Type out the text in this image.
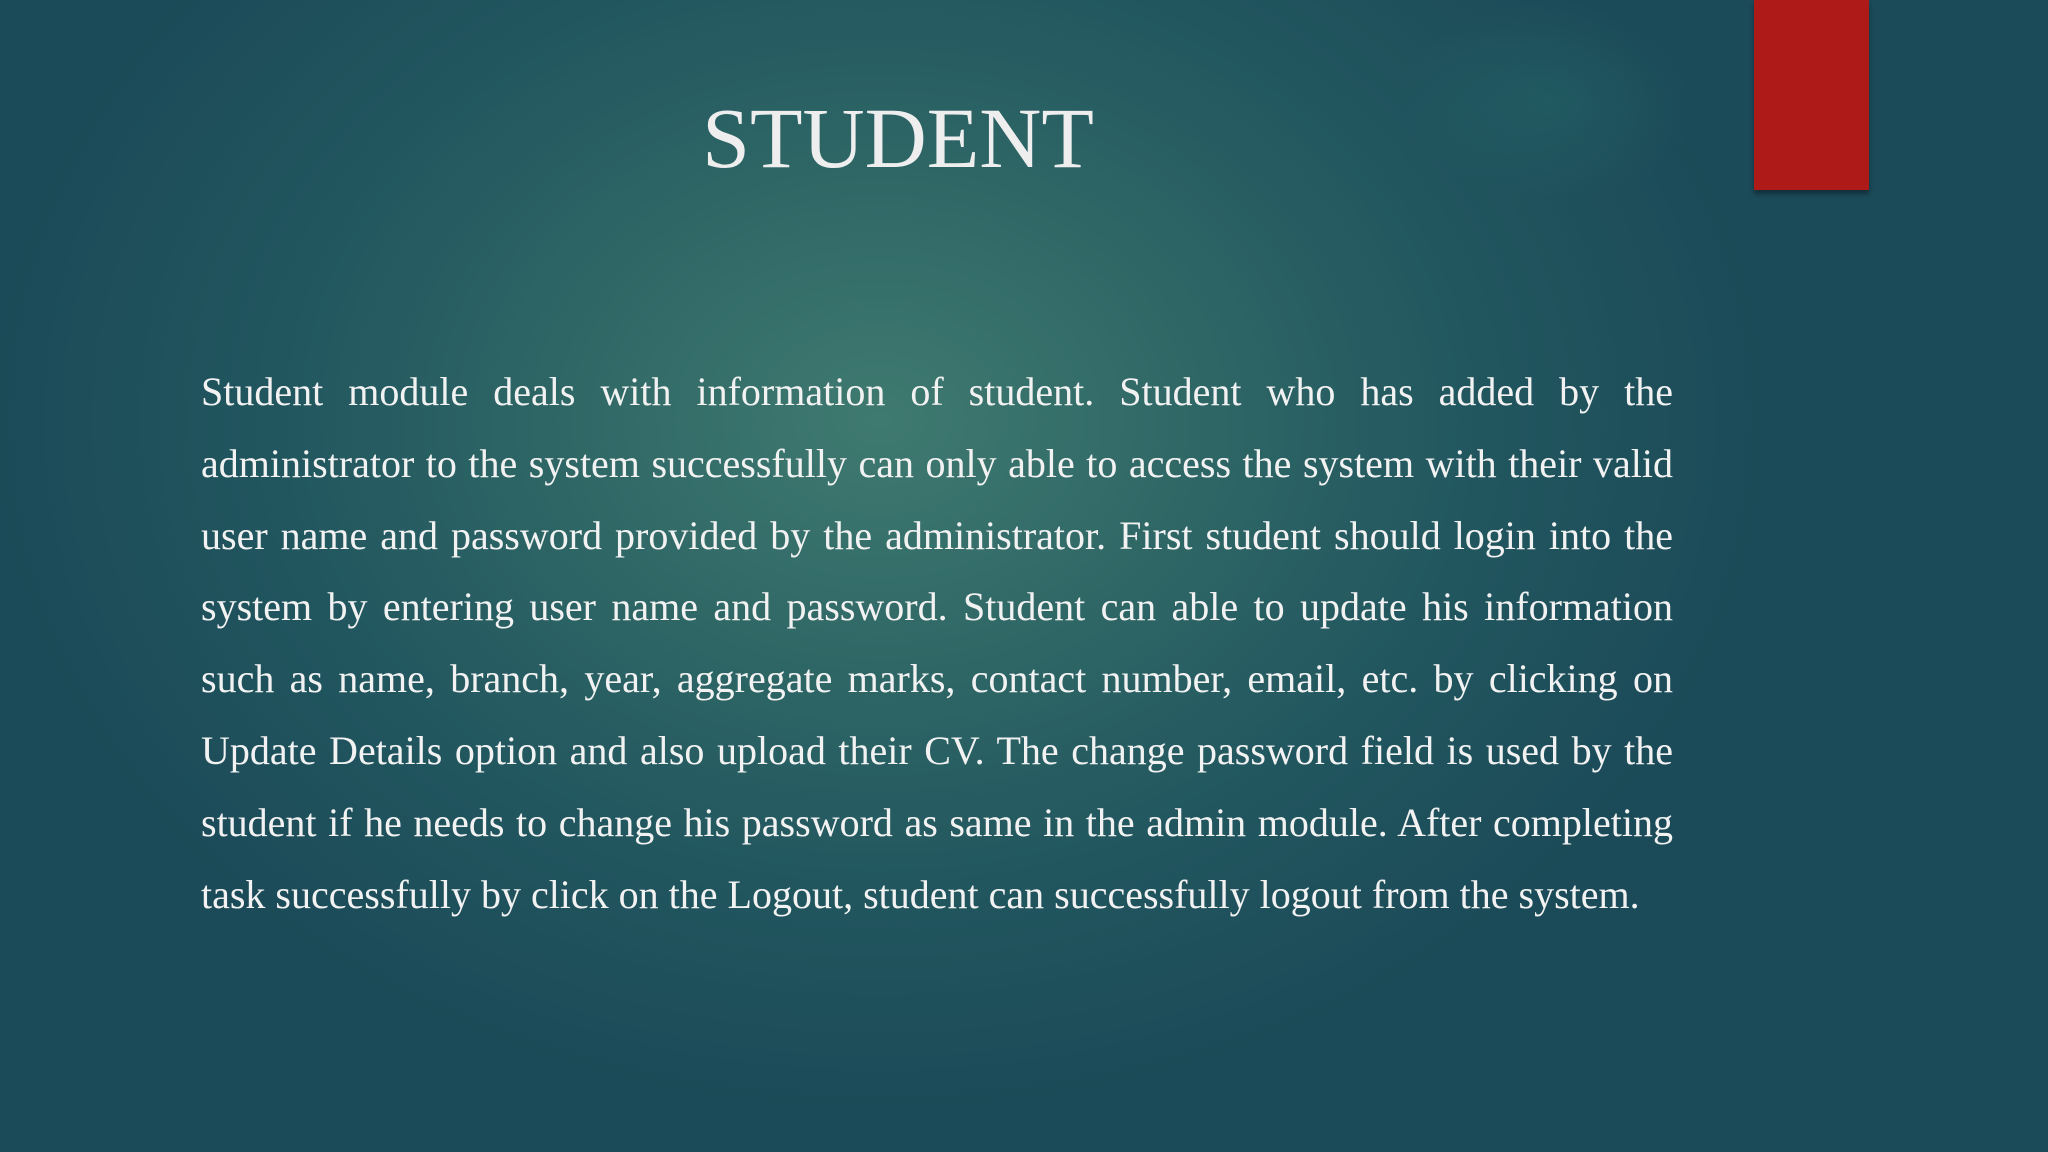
STUDENT

Student module deals with information of student. Student who has added by the administrator to the system successfully can only able to access the system with their valid user name and password provided by the administrator. First student should login into the system by entering user name and password. Student can able to update his information such as name, branch, year, aggregate marks, contact number, email, etc. by clicking on Update Details option and also upload their CV. The change password field is used by the student if he needs to change his password as same in the admin module. After completing task successfully by click on the Logout, student can successfully logout from the system.
